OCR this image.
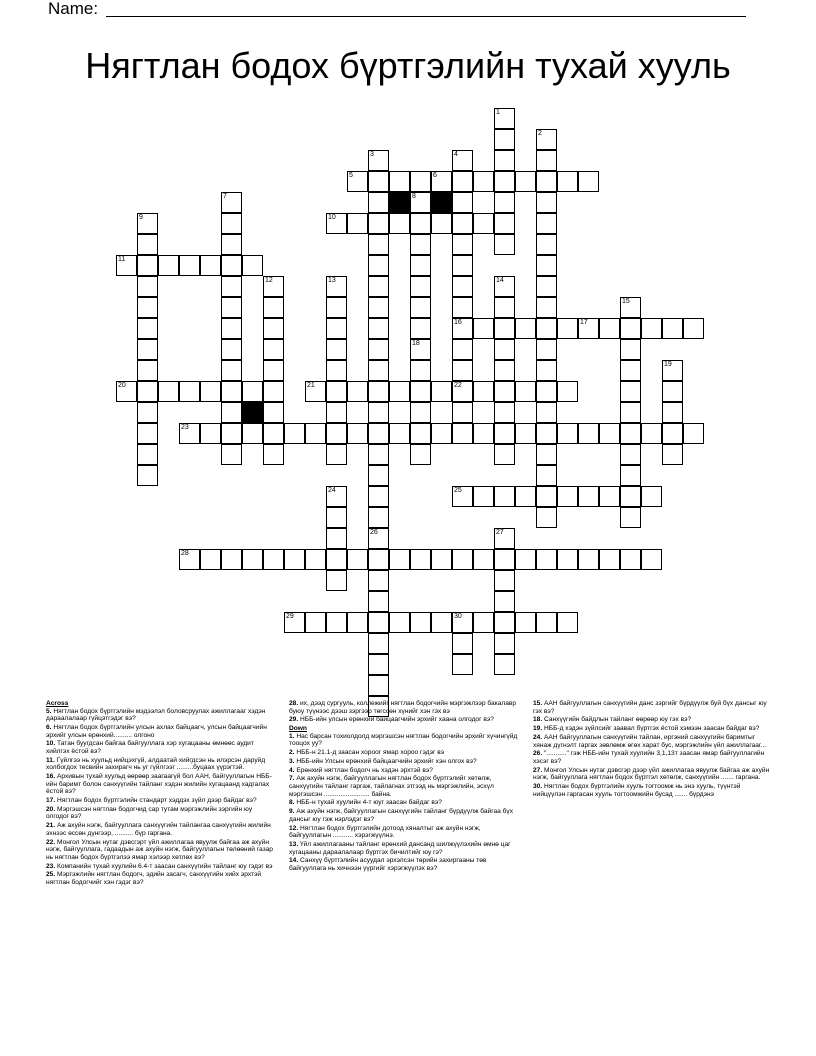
Name:
Нягтлан бодох бүртгэлийн тухай хууль
5	6
10
11
16	17
20	21	22
23
25
28
29	30
1
2
3
26
4
7	8
18
9
12	13	14
15
19
24
27
Across
5. Нягтлан бодох бүртгэлийн мэдээлэл боловсруулах ажиллагааг хэдэн дараалалаар гүйцэтгэдэг вэ?
6. Нягтлан бодох бүртгэлийн улсын ахлах байцаагч, улсын байцаагчийн эрхийг улсын ерөнхий.......... олгоно
10. Татан буугдсан байгаа байгууллага хэр хугацааны өмнөөс аудит хийлгэх ёстой вэ?
11. Гүйлгээ нь хуульд нийцэхгүй, алдаатай хийгдсэн нь илэрсэн даруйд холбогдох тесвийн захирагч нь уг гүйлгээг .........буцаах үүрэгтэй.
16. Архивын тухай хуульд өөрөөр заагаагүй бол ААН, байгууллагын НББ-ийн баримт болон санхүүгийн тайланг хэдэн жилийн хугацаанд хадгалах ёстой вэ?
17. Нягтлан бодох бүртгэлийн стандарт хэддэх зүйл дээр байдаг вэ?
20. Мэргэшсэн нягтлан бодогчид сар тутам мэргэжлийн зэргийн юу олгодог вэ?
21. Аж ахуйн нэгж, байгууллага санхүүгийн тайлангаа санхүүгийн жилийн эхнээс өссөн дүнгээр, .......... бүр гаргана.
22. Монгол Улсын нутаг дэвсгэрт үйл ажиллагаа явуулж байгаа аж ахуйн нэгж, байгууллага, гадаадын аж ахуйн нэгж, байгууллагын төлөөний газар нь нягтлан бодох бүртгэлээ ямар хэлээр хөтлөх вэ?
23. Компанийн тухай хуулийн 6.4-т заасан санхүүгийн тайланг юу гэдэг вэ
25. Мэргэжлийн нягтлан бодогч, эдийн засагч, санхүүгийн хийх эрхтэй нягтлан бодогчийг хэн гэдэг вэ?
28. их, дээд сургууль, коллежийг нягтлан бодогчийн мэргэжлээр бакалавр буюу түүнээс дээш зэргээр төгссөн хүнийг хэн гэх вэ
29. НББ-ийн улсын ерөнхий байцаагчийн эрхийг хаана олгодог вэ?
Down
1. Нас барсан тохиолдолд мэргэшсэн нягтлан бодогчийн эрхийг хүчингүйд тооцох уу?
2. НББ-н 21.1-д заасан хороог ямар хороо гэдэг вэ
3. НББ-ийн Улсын ерөнхий байцаагчийн эрхийг хэн олгох вэ?
4. Ерөнхий нягтлан бодогч нь хэдэн эрхтэй вэ?
7. Аж ахуйн нэгж, байгууллагын нягтлан бодох бүртгэлийг хөтөлж, санхүүгийн тайланг гаргаж, тайлагнах этгээд нь мэргэжлийн, эсхүл мэргэшсэн ......................... байна.
8. НББ-н тухай хуулийн 4-т юуг заасан байдаг вэ?
9. Аж ахуйн нэгж, байгууллагын санхүүгийн тайланг бүрдүүлж байгаа бүх дансыг юу гэж нэрлэдэг вэ?
12. Нягтлан бодох бүртгэлийн дотоод хяналтыг аж ахуйн нэгж, байгууллагын ........... хэрэгжүүлнэ.
13. Үйл ажиллагааны тайланг ерөнхий дансанд шилжүүлэхийн өмнө цаг хугацааны дараалалаар бүртгэх бичилтийг юу гэ?
14. Санхүү бүртгэлийн асуудал эрхэлсэн төрийн захиргааны төв байгууллага нь хичнээн үүргийг хэрэгжүүлэх вэ?
15. ААН байгууллагын санхүүгийн данс зэргийг бүрдүүлж буй бүх дансыг юу гэх вэ?
18. Санхүүгийн байдлын тайланг өөрөөр юу гэх вэ?
19. НББ-д хэдэн зүйлсийг заавал бүртгэх ёстой хэмээн заасан байдаг вэ?
24. ААН байгууллагын санхүүгийн тайлан, иргэний санхүүгийн баримтыг хянаж дүгнэлт гаргах зөвлөмж өгөх харат бус, мэргэжлийн үйл ажиллагааг...
26. "..........." гэж НББ-ийн тухай хуулийн 3,1,13т заасан ямар байгууллагийн хэсэг вэ?
27. Монгол Улсын нутаг дэвсгэр дээр үйл ажиллагаа явуулж байгаа аж ахуйн нэгж, байгууллага нягтлан бодох бүртгэл хөтөлж, санхүүгийн ....... гаргана.
30. Нягтлан бодох бүртгэлийн хууль тогтоомж нь энэ хууль, түүнтэй нийцүүлэн гаргасан хууль тогтоомжийн бусад ....... бүрдэнэ
